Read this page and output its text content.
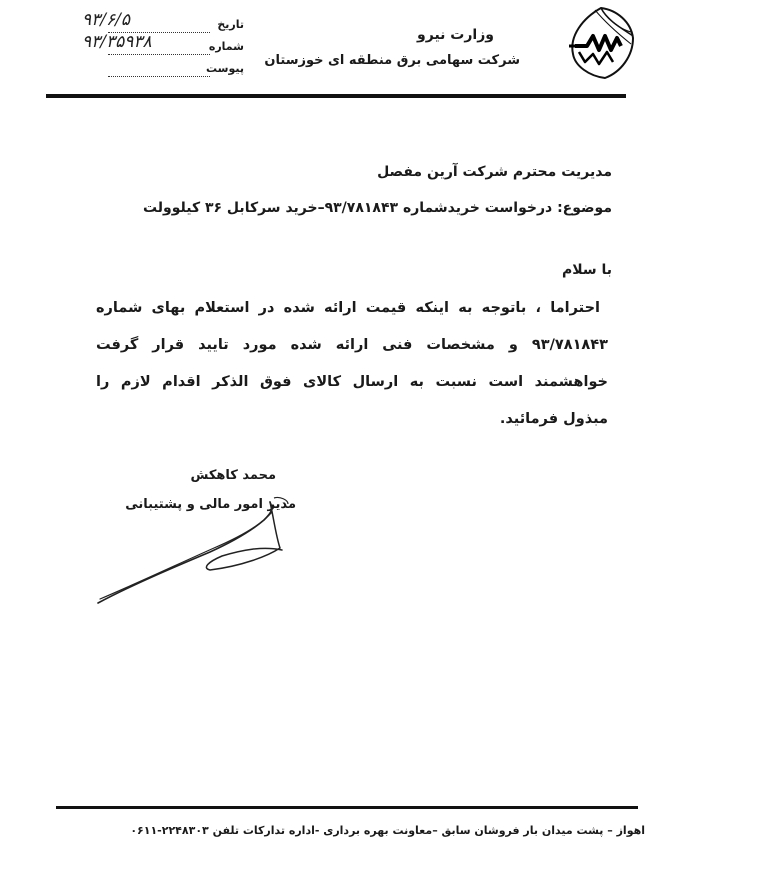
وزارت نیرو
شرکت سهامی برق منطقه ای خوزستان
تاریخ
۹۳/۶/۵
شماره
۹۳/۳۵۹۳۸
پیوست
مدیریت محترم شرکت آرین مفصل
موضوع: درخواست خریدشماره ۹۳/۷۸۱۸۴۳–خرید سرکابل ۳۶ کیلوولت
با سلام
احتراما ، باتوجه به اینکه قیمت ارائه شده در استعلام بهای شماره
۹۳/۷۸۱۸۴۳ و مشخصات فنی ارائه شده مورد تایید قرار گرفت
خواهشمند است نسبت به ارسال کالای فوق الذکر اقدام لازم را
مبذول فرمائید.
محمد کاهکش
مدیر امور مالی و پشتیبانی
اهواز – پشت میدان بار فروشان سابق –معاونت بهره برداری -اداره تدارکات تلفن ۲۲۴۸۳۰۳-۰۶۱۱
